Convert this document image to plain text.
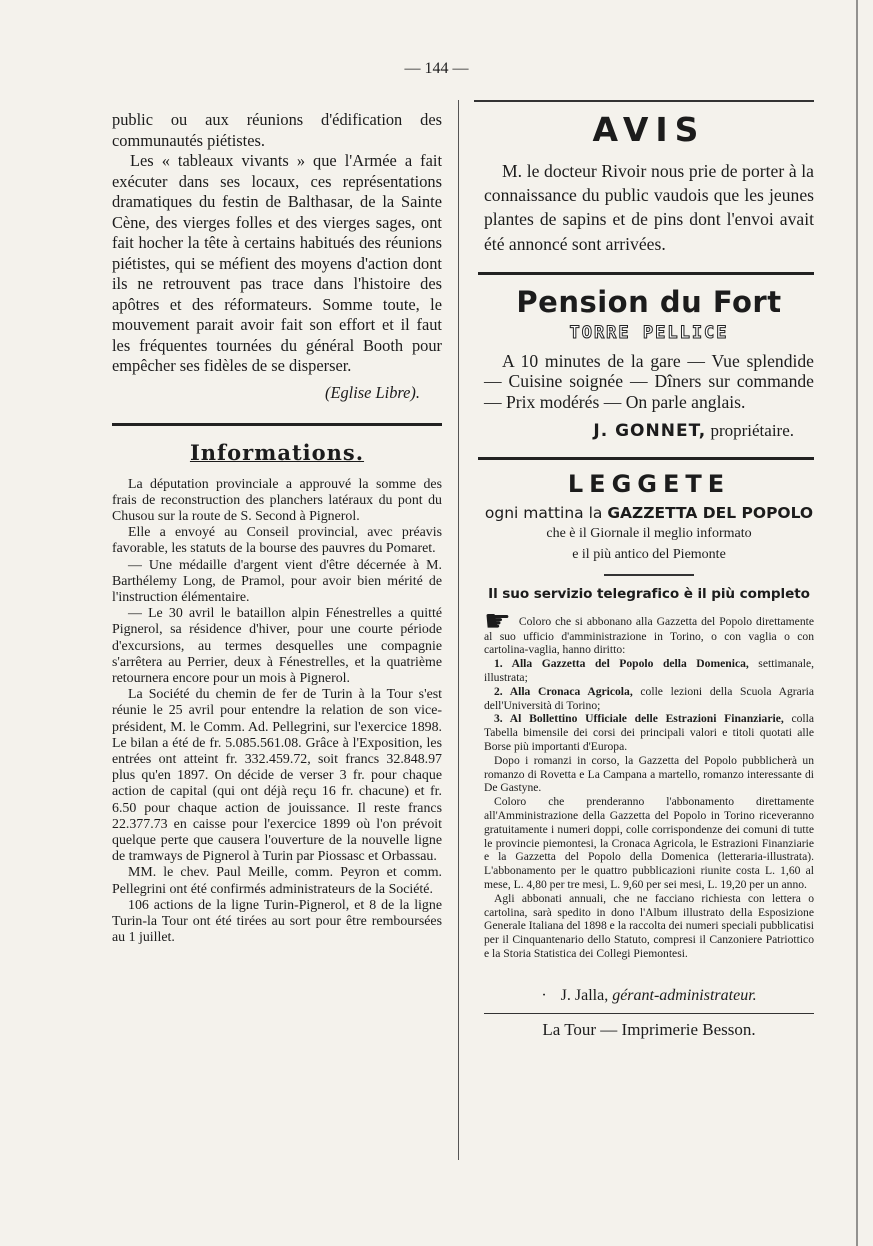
— 144 —

public ou aux réunions d'édification des communautés piétistes.

Les « tableaux vivants » que l'Armée a fait exécuter dans ses locaux, ces représentations dramatiques du festin de Balthasar, de la Sainte Cène, des vierges folles et des vierges sages, ont fait hocher la tête à certains habitués des réunions piétistes, qui se méfient des moyens d'action dont ils ne retrouvent pas trace dans l'histoire des apôtres et des réformateurs. Somme toute, le mouvement parait avoir fait son effort et il faut les fréquentes tournées du général Booth pour empêcher ses fidèles de se disperser.

(Eglise Libre).
Informations.

La députation provinciale a approuvé la somme des frais de reconstruction des planchers latéraux du pont du Chusou sur la route de S. Second à Pignerol.

Elle a envoyé au Conseil provincial, avec préavis favorable, les statuts de la bourse des pauvres du Pomaret.

— Une médaille d'argent vient d'être décernée à M. Barthélemy Long, de Pramol, pour avoir bien mérité de l'instruction élémentaire.

— Le 30 avril le bataillon alpin Fénestrelles a quitté Pignerol, sa résidence d'hiver, pour une courte période d'excursions, au termes desquelles une compagnie s'arrêtera au Perrier, deux à Fénestrelles, et la quatrième retournera encore pour un mois à Pignerol.

La Société du chemin de fer de Turin à la Tour s'est réunie le 25 avril pour entendre la relation de son vice-président, M. le Comm. Ad. Pellegrini, sur l'exercice 1898. Le bilan a été de fr. 5.085.561.08. Grâce à l'Exposition, les entrées ont atteint fr. 332.459.72, soit francs 32.848.97 plus qu'en 1897. On décide de verser 3 fr. pour chaque action de capital (qui ont déjà reçu 16 fr. chacune) et fr. 6.50 pour chaque action de jouissance. Il reste francs 22.377.73 en caisse pour l'exercice 1899 où l'on prévoit quelque perte que causera l'ouverture de la nouvelle ligne de tramways de Pignerol à Turin par Piossasc et Orbassau.

MM. le chev. Paul Meille, comm. Peyron et comm. Pellegrini ont été confirmés administrateurs de la Société.

106 actions de la ligne Turin-Pignerol, et 8 de la ligne Turin-la Tour ont été tirées au sort pour être remboursées au 1 juillet.

AVIS

M. le docteur Rivoir nous prie de porter à la connaissance du public vaudois que les jeunes plantes de sapins et de pins dont l'envoi avait été annoncé sont arrivées.

Pension du Fort
TORRE PELLICE

A 10 minutes de la gare — Vue splendide — Cuisine soignée — Dîners sur commande — Prix modérés — On parle anglais.

J. GONNET, propriétaire.
LEGGETE

ogni mattina la GAZZETTA DEL POPOLO

che è il Giornale il meglio informato

e il più antico del Piemonte

Il suo servizio telegrafico è il più completo

☛ Coloro che si abbonano alla Gazzetta del Popolo direttamente al suo ufficio d'amministrazione in Torino, o con vaglia o con cartolina-vaglia, hanno diritto:

1. Alla Gazzetta del Popolo della Domenica, settimanale, illustrata;

2. Alla Cronaca Agricola, colle lezioni della Scuola Agraria dell'Università di Torino;

3. Al Bollettino Ufficiale delle Estrazioni Finanziarie, colla Tabella bimensile dei corsi dei principali valori e titoli quotati alle Borse più importanti d'Europa.

Dopo i romanzi in corso, la Gazzetta del Popolo pubblicherà un romanzo di Rovetta e La Campana a martello, romanzo interessante di De Gastyne.

Coloro che prenderanno l'abbonamento direttamente all'Amministrazione della Gazzetta del Popolo in Torino riceveranno gratuitamente i numeri doppi, colle corrispondenze dei comuni di tutte le provincie piemontesi, la Cronaca Agricola, le Estrazioni Finanziarie e la Gazzetta del Popolo della Domenica (letteraria-illustrata). L'abbonamento per le quattro pubblicazioni riunite costa L. 1,60 al mese, L. 4,80 per tre mesi, L. 9,60 per sei mesi, L. 19,20 per un anno.

Agli abbonati annuali, che ne facciano richiesta con lettera o cartolina, sarà spedito in dono l'Album illustrato della Esposizione Generale Italiana del 1898 e la raccolta dei numeri speciali pubblicatisi per il Cinquantenario dello Statuto, compresi il Canzoniere Patriottico e la Storia Statistica dei Collegi Piemontesi.

· J. Jalla, gérant-administrateur.

La Tour — Imprimerie Besson.
